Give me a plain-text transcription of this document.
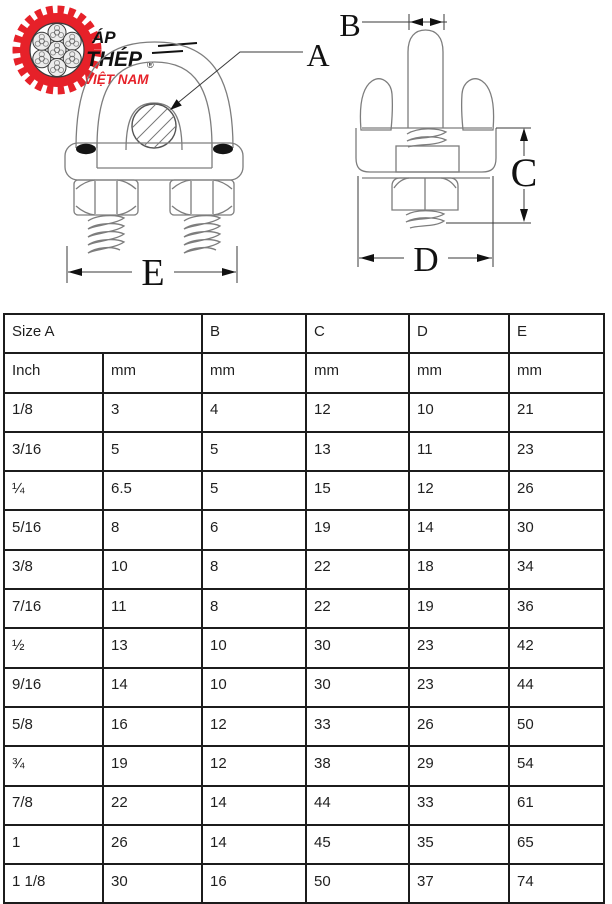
ÁP
THÉP
VIỆT NAM
®
E
A
B
C
D
Size A		B	C	D	E
Inch	mm	mm	mm	mm	mm
1/8	3	4	12	10	21
3/16	5	5	13	11	23
¼	6.5	5	15	12	26
5/16	8	6	19	14	30
3/8	10	8	22	18	34
7/16	11	8	22	19	36
½	13	10	30	23	42
9/16	14	10	30	23	44
5/8	16	12	33	26	50
¾	19	12	38	29	54
7/8	22	14	44	33	61
1	26	14	45	35	65
1 1/8	30	16	50	37	74
